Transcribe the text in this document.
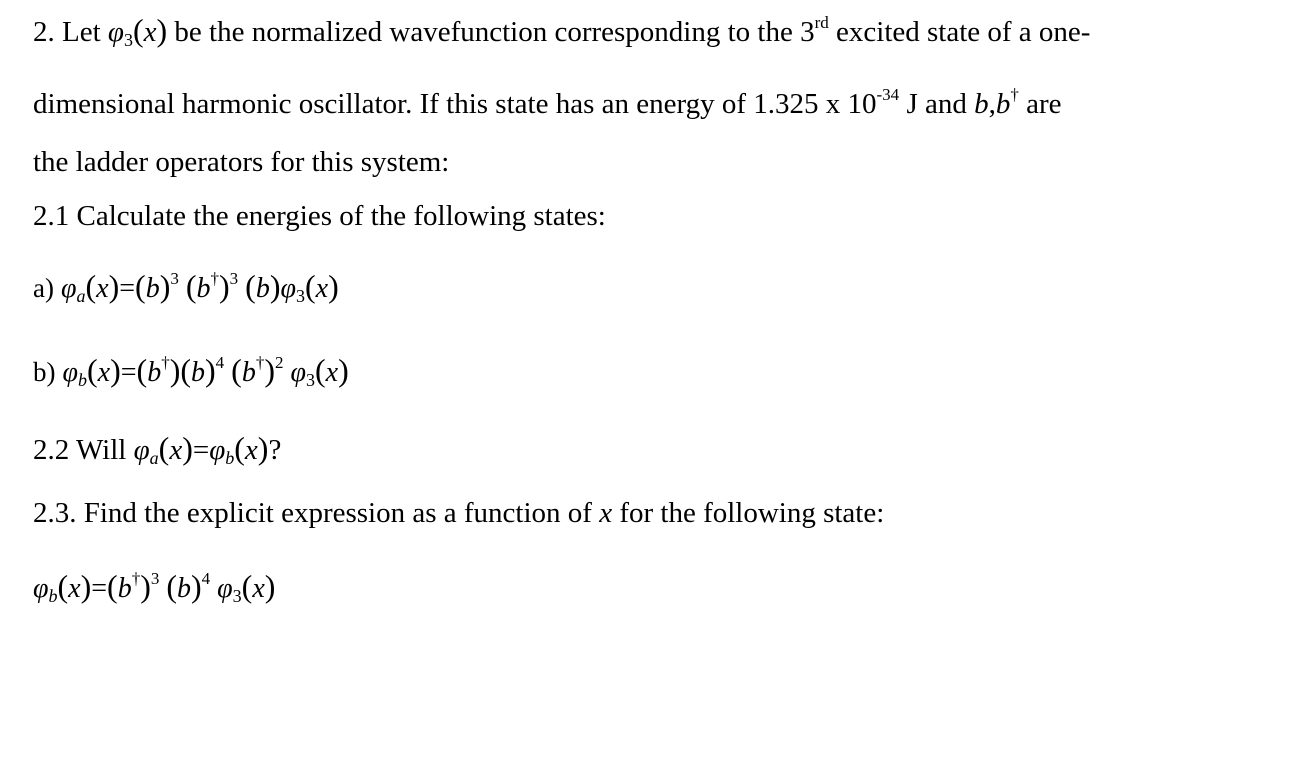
2. Let $\varphi_3(x)$ be the normalized wavefunction corresponding to the 3rd excited state of a one-
dimensional harmonic oscillator. If this state has an energy of 1.325 x $10^{-34}$ J and b,b† are
the ladder operators for this system:
2.1 Calculate the energies of the following states:
a) $\varphi a(x)=(b)^3$ $(b^\dagger)^3$ $(b)\varphi_3(x)$
b) $\varphi b(x)=(b^\dagger)(b)^4$ $(b^\dagger)^2$ $\varphi_3(x)$
2.2 Will φa(x)=φb(x)?
2.3. Find the explicit expression as a function of x for the following state:
$\varphi b(x)=(b^\dagger)^3$ $(b)^4$ $\varphi_3(x)$
